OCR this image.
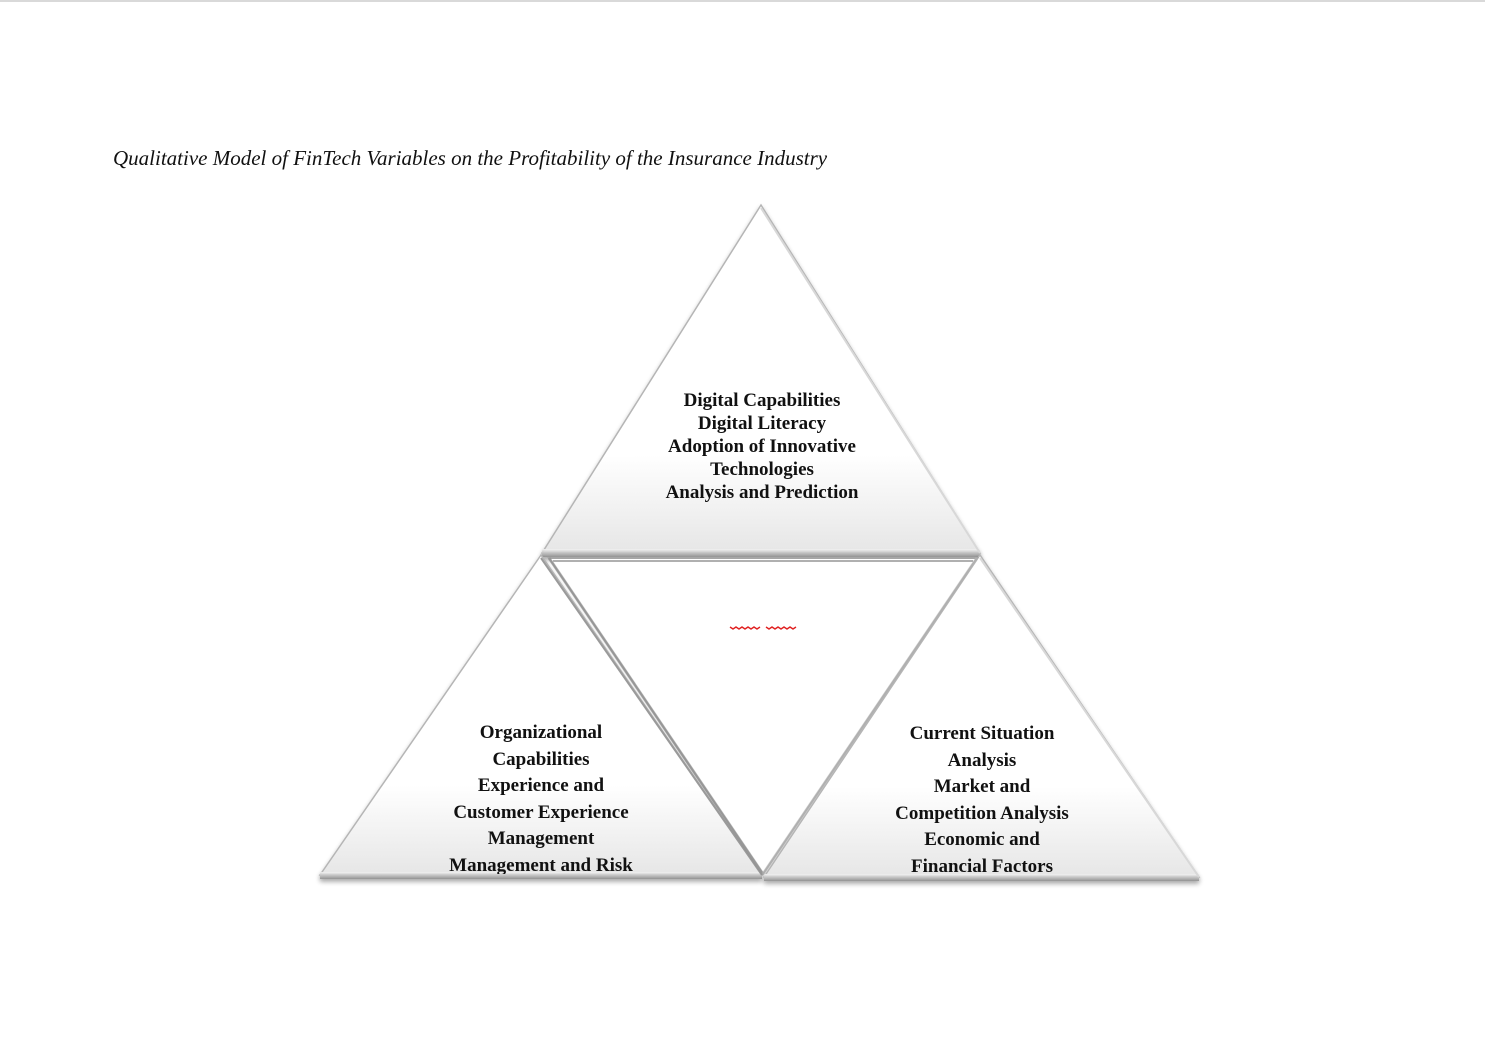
Qualitative Model of FinTech Variables on the Profitability of the Insurance Industry
Digital Capabilities
Digital Literacy
Adoption of Innovative
Technologies
Analysis and Prediction
Organizational
Capabilities
Experience and
Customer Experience
Management
Management and Risk
Current Situation
Analysis
Market and
Competition Analysis
Economic and
Financial Factors
